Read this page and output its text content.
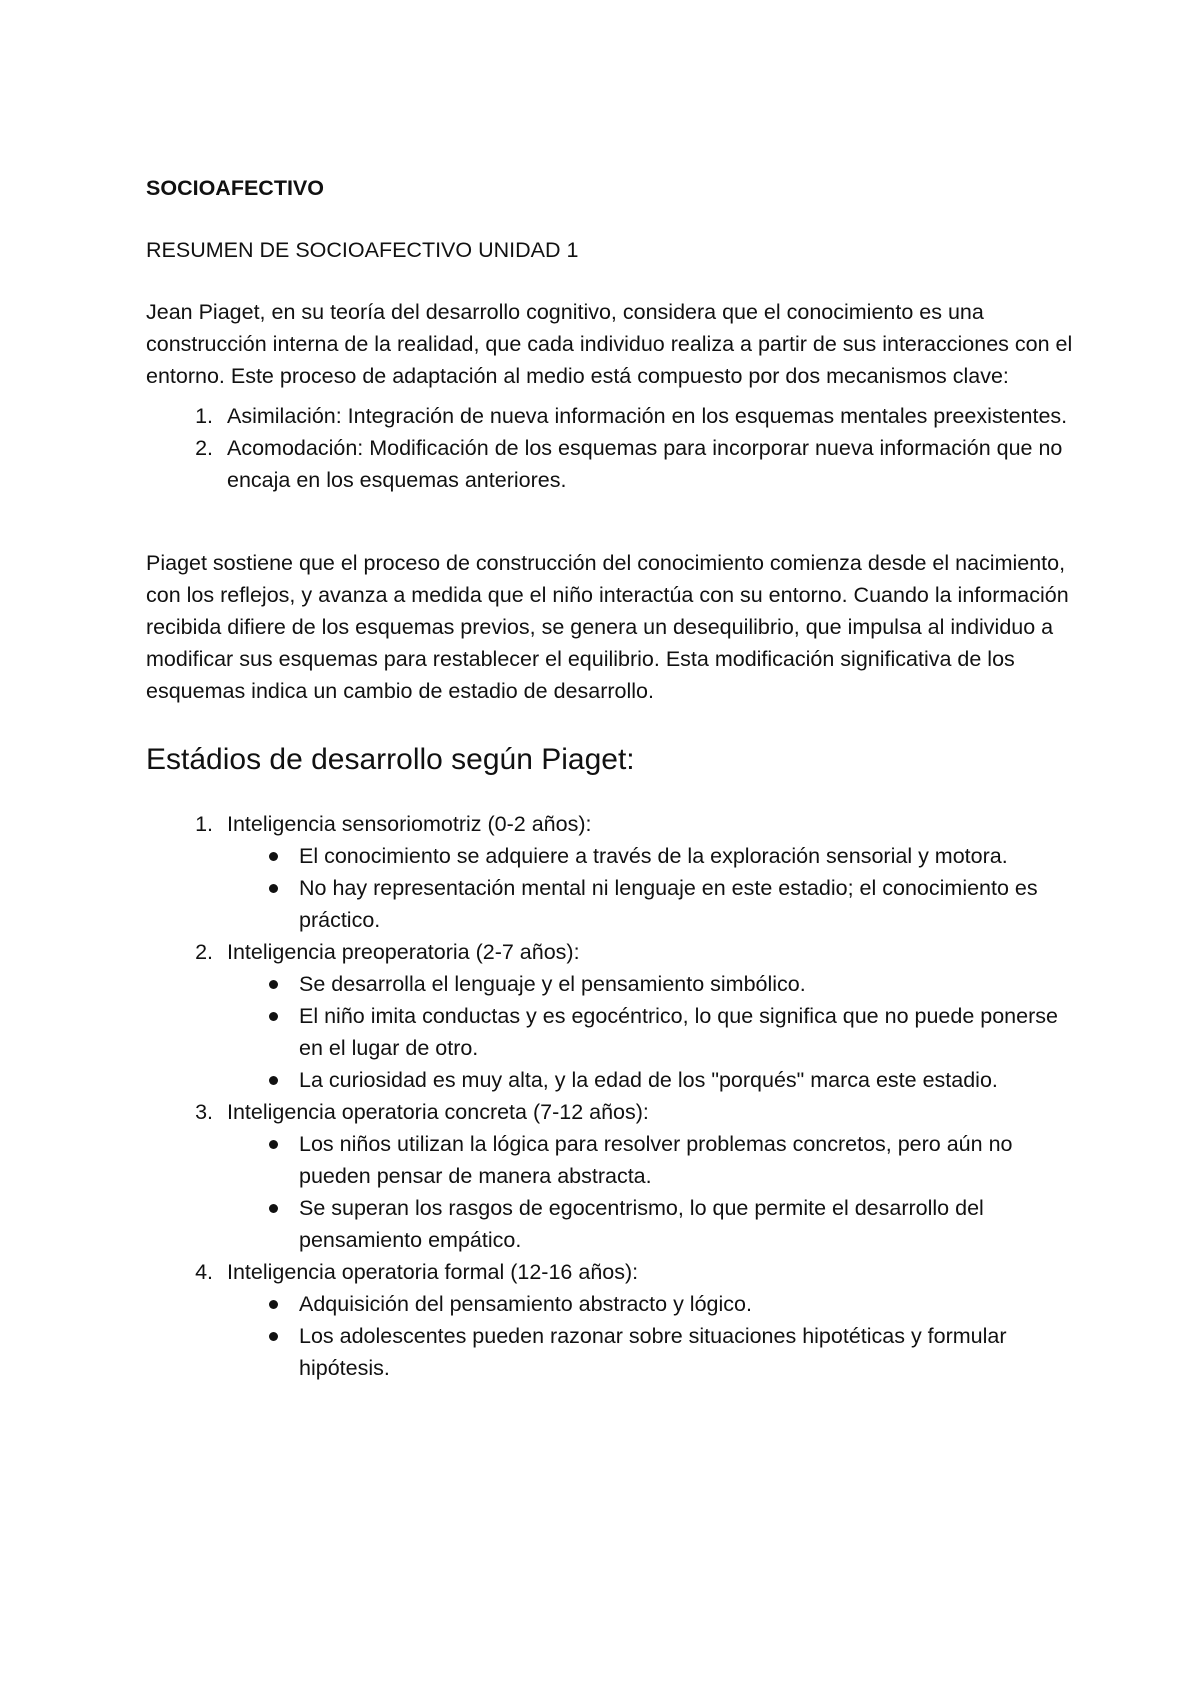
SOCIOAFECTIVO

RESUMEN DE SOCIOAFECTIVO UNIDAD 1

Jean Piaget, en su teoría del desarrollo cognitivo, considera que el conocimiento es una construcción interna de la realidad, que cada individuo realiza a partir de sus interacciones con el entorno. Este proceso de adaptación al medio está compuesto por dos mecanismos clave:

1. Asimilación: Integración de nueva información en los esquemas mentales preexistentes.
2. Acomodación: Modificación de los esquemas para incorporar nueva información que no encaja en los esquemas anteriores.

Piaget sostiene que el proceso de construcción del conocimiento comienza desde el nacimiento, con los reflejos, y avanza a medida que el niño interactúa con su entorno. Cuando la información recibida difiere de los esquemas previos, se genera un desequilibrio, que impulsa al individuo a modificar sus esquemas para restablecer el equilibrio. Esta modificación significativa de los esquemas indica un cambio de estadio de desarrollo.

Estádios de desarrollo según Piaget:
1. Inteligencia sensoriomotriz (0-2 años):
El conocimiento se adquiere a través de la exploración sensorial y motora.
No hay representación mental ni lenguaje en este estadio; el conocimiento es práctico.
2. Inteligencia preoperatoria (2-7 años):
Se desarrolla el lenguaje y el pensamiento simbólico.
El niño imita conductas y es egocéntrico, lo que significa que no puede ponerse en el lugar de otro.
La curiosidad es muy alta, y la edad de los "porqués" marca este estadio.
3. Inteligencia operatoria concreta (7-12 años):
Los niños utilizan la lógica para resolver problemas concretos, pero aún no pueden pensar de manera abstracta.
Se superan los rasgos de egocentrismo, lo que permite el desarrollo del pensamiento empático.
4. Inteligencia operatoria formal (12-16 años):
Adquisición del pensamiento abstracto y lógico.
Los adolescentes pueden razonar sobre situaciones hipotéticas y formular hipótesis.
